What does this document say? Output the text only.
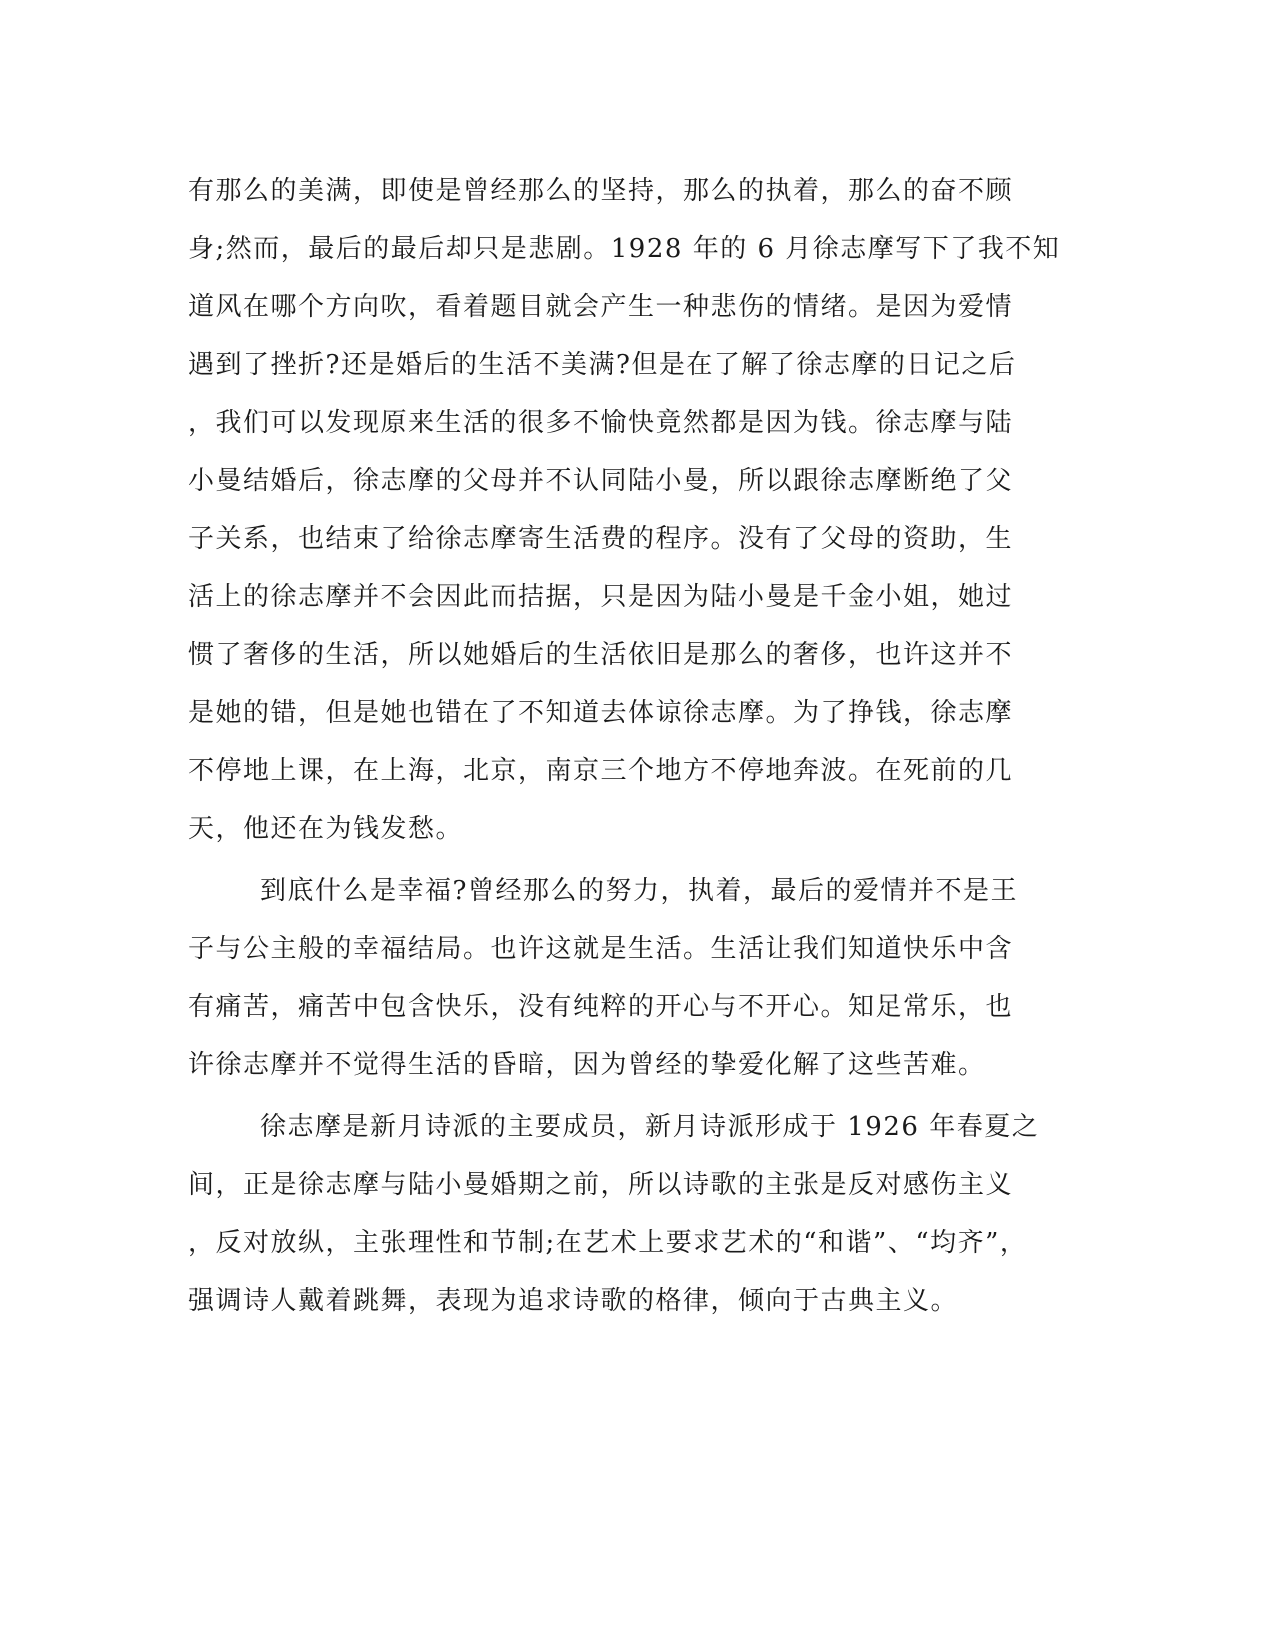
有那么的美满，即使是曾经那么的坚持，那么的执着，那么的奋不顾
身;然而，最后的最后却只是悲剧。1928 年的 6 月徐志摩写下了我不知
道风在哪个方向吹，看着题目就会产生一种悲伤的情绪。是因为爱情
遇到了挫折?还是婚后的生活不美满?但是在了解了徐志摩的日记之后
，我们可以发现原来生活的很多不愉快竟然都是因为钱。徐志摩与陆
小曼结婚后，徐志摩的父母并不认同陆小曼，所以跟徐志摩断绝了父
子关系，也结束了给徐志摩寄生活费的程序。没有了父母的资助，生
活上的徐志摩并不会因此而拮据，只是因为陆小曼是千金小姐，她过
惯了奢侈的生活，所以她婚后的生活依旧是那么的奢侈，也许这并不
是她的错，但是她也错在了不知道去体谅徐志摩。为了挣钱，徐志摩
不停地上课，在上海，北京，南京三个地方不停地奔波。在死前的几
天，他还在为钱发愁。
到底什么是幸福?曾经那么的努力，执着，最后的爱情并不是王
子与公主般的幸福结局。也许这就是生活。生活让我们知道快乐中含
有痛苦，痛苦中包含快乐，没有纯粹的开心与不开心。知足常乐，也
许徐志摩并不觉得生活的昏暗，因为曾经的挚爱化解了这些苦难。
徐志摩是新月诗派的主要成员，新月诗派形成于 1926 年春夏之
间，正是徐志摩与陆小曼婚期之前，所以诗歌的主张是反对感伤主义
，反对放纵，主张理性和节制;在艺术上要求艺术的“和谐”、“均齐”，
强调诗人戴着跳舞，表现为追求诗歌的格律，倾向于古典主义。
